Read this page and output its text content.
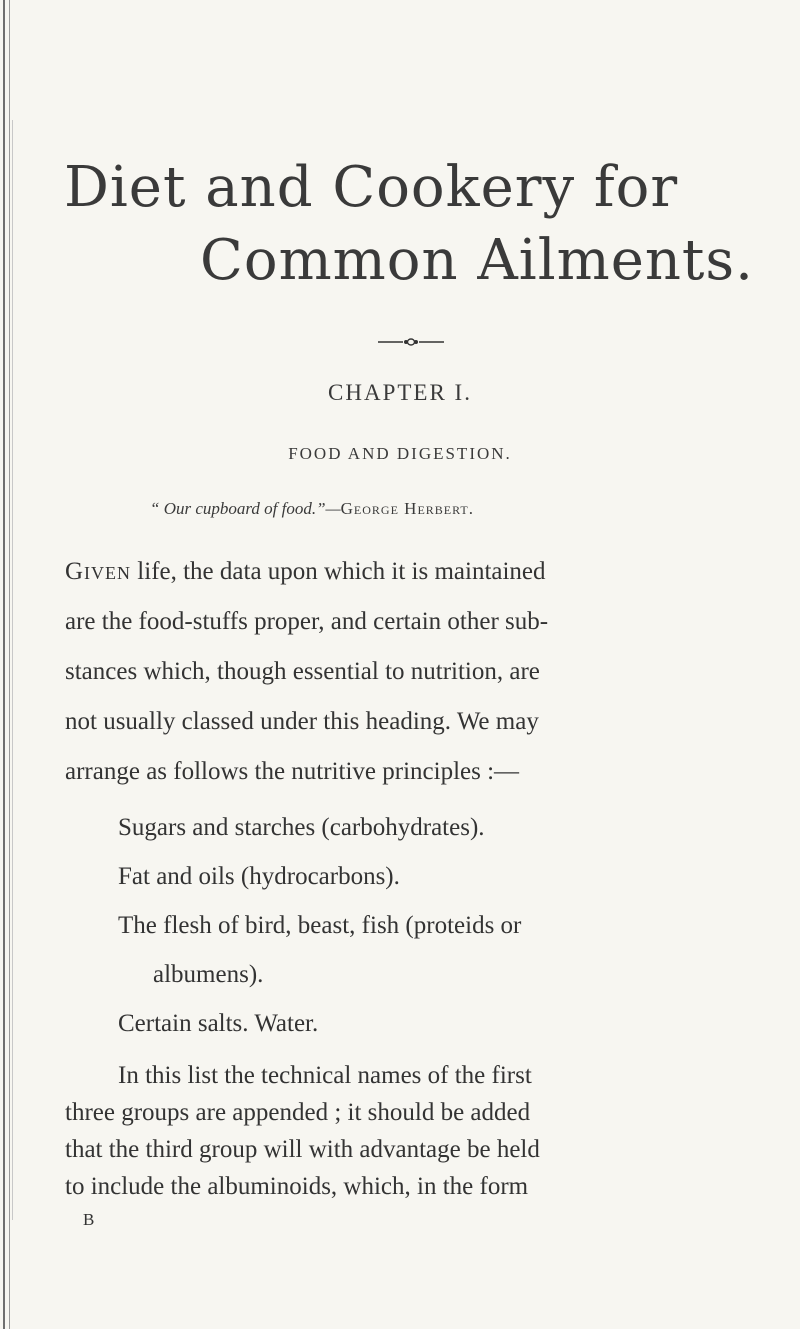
Diet and Cookery for
Common Ailments.
CHAPTER I.
FOOD AND DIGESTION.
“ Our cupboard of food.”—George Herbert.
Given life, the data upon which it is maintained
are the food-stuffs proper, and certain other sub-
stances which, though essential to nutrition, are
not usually classed under this heading. We may
arrange as follows the nutritive principles :—
Sugars and starches (carbohydrates).
Fat and oils (hydrocarbons).
The flesh of bird, beast, fish (proteids or
albumens).
Certain salts. Water.
In this list the technical names of the first
three groups are appended ; it should be added
that the third group will with advantage be held
to include the albuminoids, which, in the form
B
